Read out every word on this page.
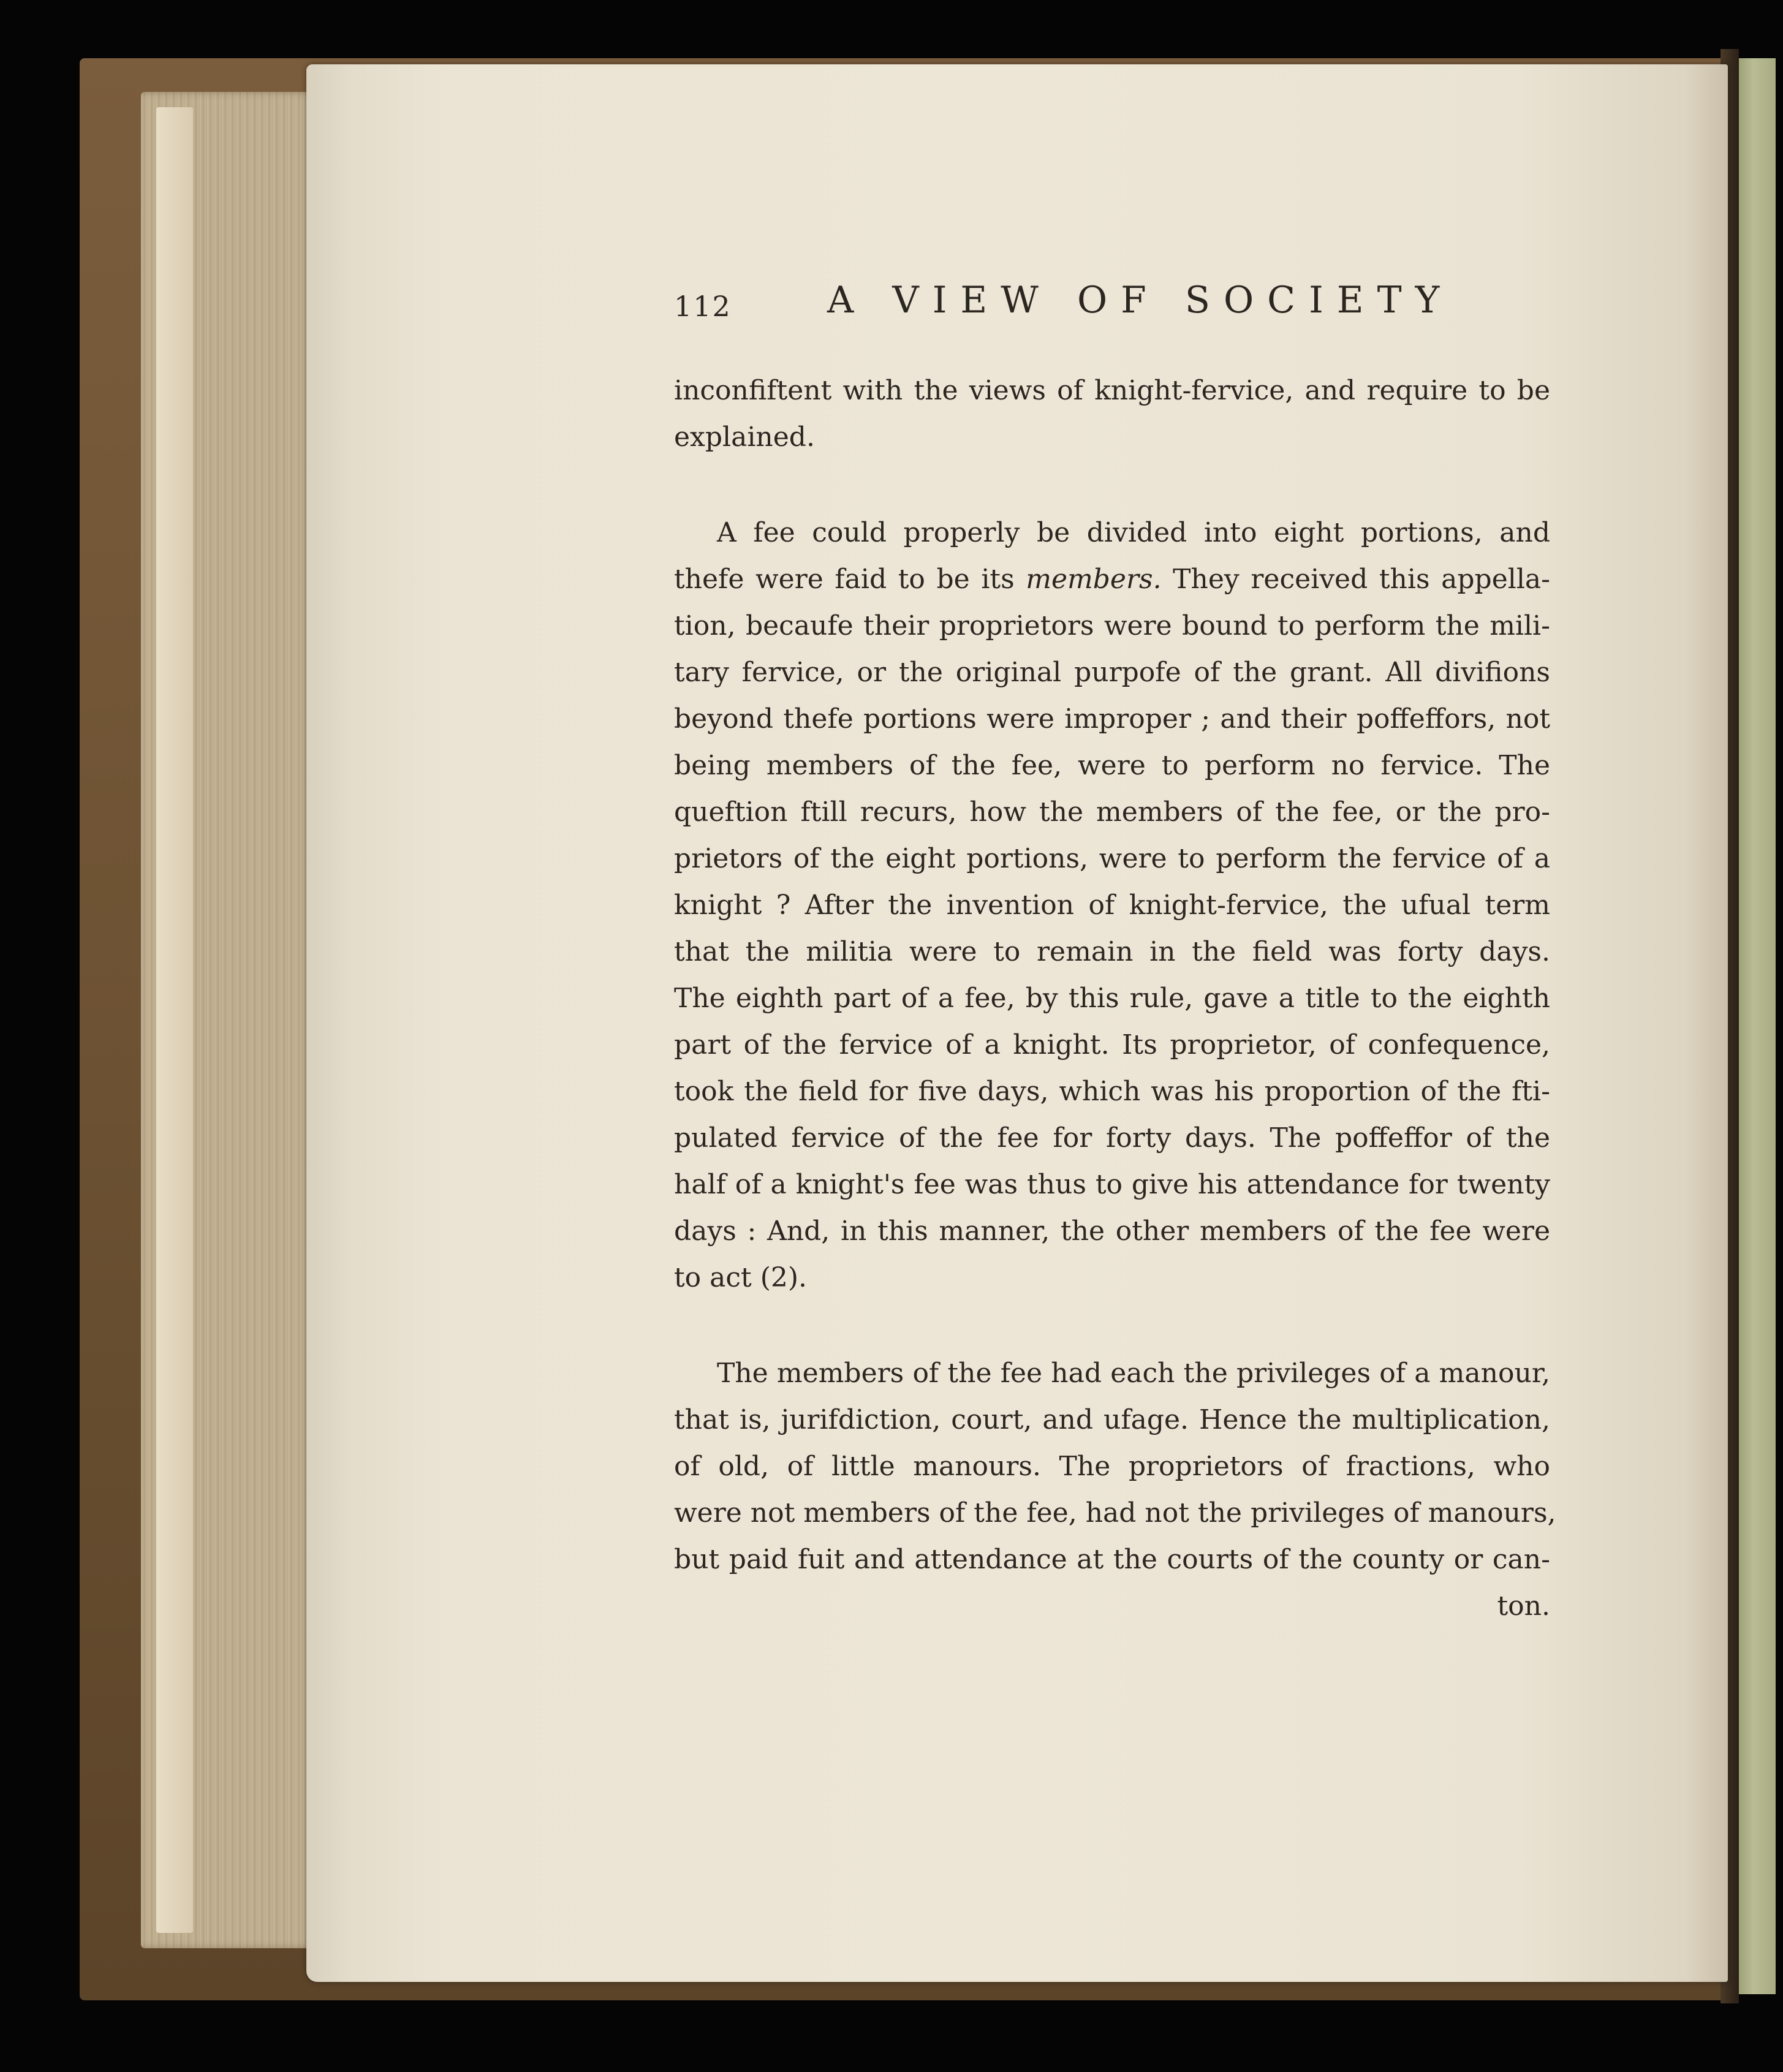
112	A VIEW OF SOCIETY
inconfiftent with the views of knight-fervice, and require to be
explained.
A fee could properly be divided into eight portions, and
thefe were faid to be its members. They received this appella-
tion, becaufe their proprietors were bound to perform the mili-
tary fervice, or the original purpofe of the grant. All divifions
beyond thefe portions were improper ; and their poffeffors, not
being members of the fee, were to perform no fervice. The
queftion ftill recurs, how the members of the fee, or the pro-
prietors of the eight portions, were to perform the fervice of a
knight ? After the invention of knight-fervice, the ufual term
that the militia were to remain in the field was forty days.
The eighth part of a fee, by this rule, gave a title to the eighth
part of the fervice of a knight. Its proprietor, of confequence,
took the field for five days, which was his proportion of the fti-
pulated fervice of the fee for forty days. The poffeffor of the
half of a knight's fee was thus to give his attendance for twenty
days : And, in this manner, the other members of the fee were
to act (2).
The members of the fee had each the privileges of a manour,
that is, jurifdiction, court, and ufage. Hence the multiplication,
of old, of little manours. The proprietors of fractions, who
were not members of the fee, had not the privileges of manours,
but paid fuit and attendance at the courts of the county or can-
ton.
